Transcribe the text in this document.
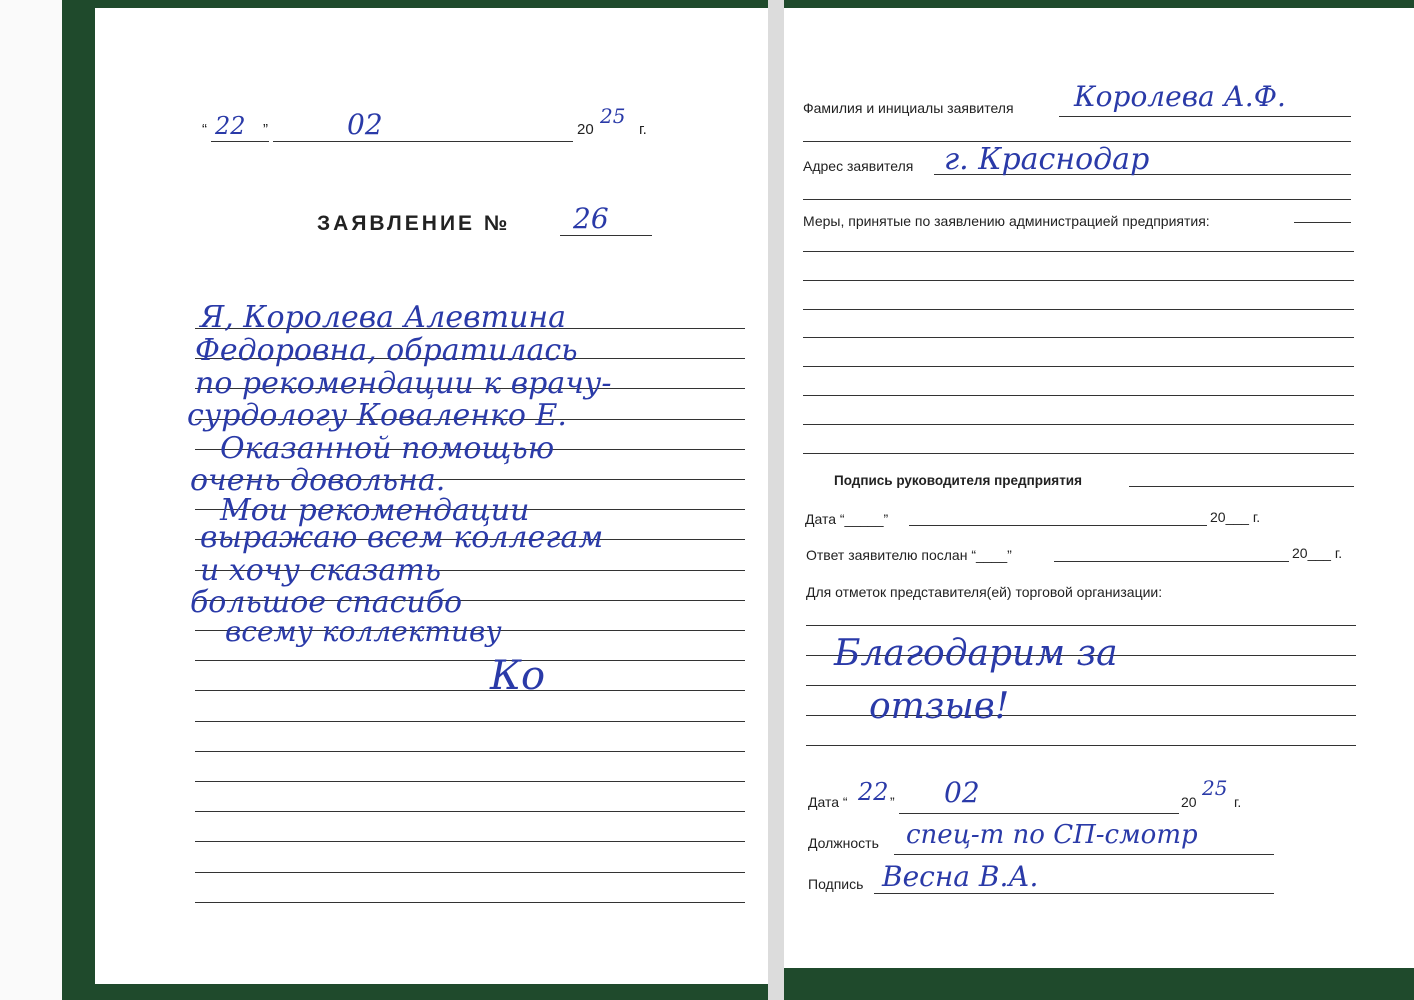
“ 22 ”	02	20
25
г.
ЗАЯВЛЕНИЕ № 26
Я, Королева Алевтина
Федоровна, обратилась
по рекомендации к врачу-
сурдологу Коваленко Е.
Оказанной помощью
очень довольна.
Мои рекомендации
выражаю всем коллегам
и хочу сказать
большое спасибо
всему коллективу
Ко
Фамилия и инициалы заявителя Королева А.Ф.
Адрес заявителя г. Краснодар
Меры, принятые по заявлению администрацией предприятия:
Подпись руководителя предприятия
Дата “_____”	20___ г.
Ответ заявителю послан “____”	20___ г.
Для отметок представителя(ей) торговой организации:
Благодарим за
отзыв!
Дата “ 22 ” 02	20
25
г.
Должность спец-т по СП-смотр
Подпись Весна В.А.
